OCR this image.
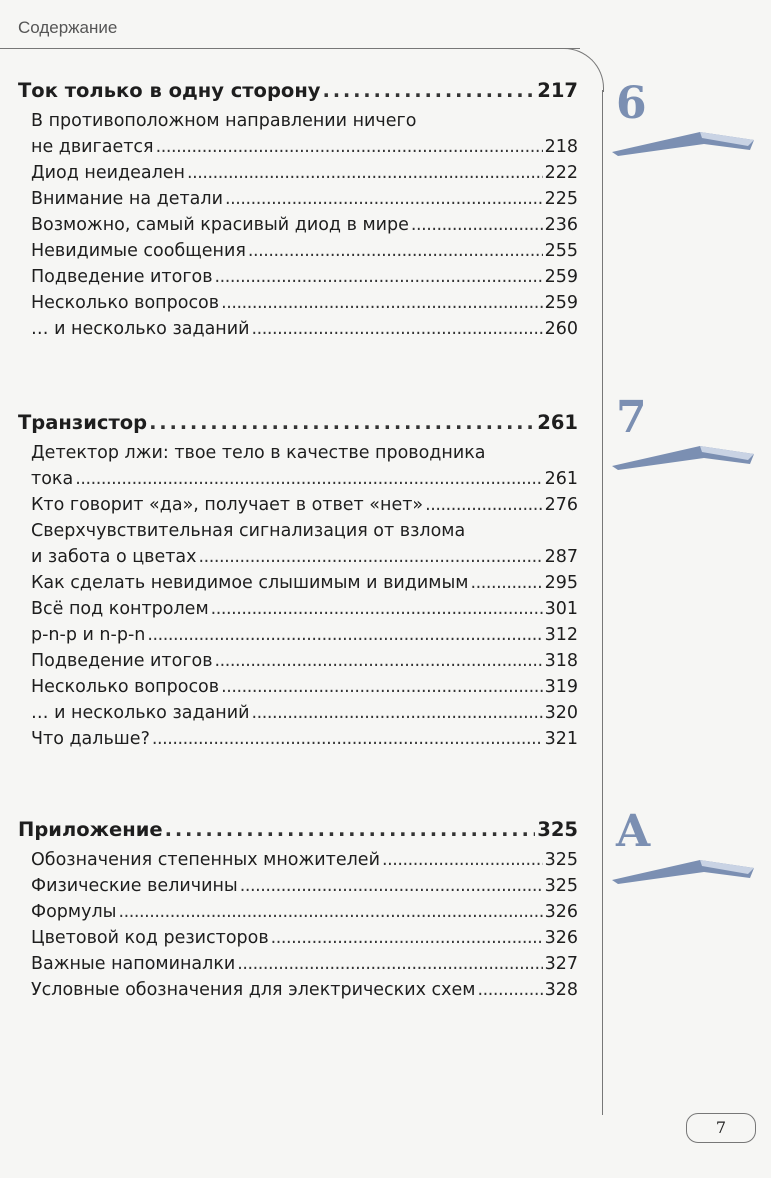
Содержание
Ток только в одну сторону . . .	217
В противоположном направлении ничего
не двигается . . .	218
Диод неидеален . . .	222
Внимание на детали . . .	225
Возможно, самый красивый диод в мире . . .	236
Невидимые сообщения . . .	255
Подведение итогов . . .	259
Несколько вопросов . . .	259
… и несколько заданий . . .	260
Транзистор . . .	261
Детектор лжи: твое тело в качестве проводника
тока . . .	261
Кто говорит «да», получает в ответ «нет» . . .	276
Сверхчувствительная сигнализация от взлома
и забота о цветах . . .	287
Как сделать невидимое слышимым и видимым . . .	295
Всё под контролем . . .	301
p-n-p и n-p-n . . .	312
Подведение итогов . . .	318
Несколько вопросов . . .	319
… и несколько заданий . . .	320
Что дальше? . . .	321
Приложение . . .	325
Обозначения степенных множителей . . .	325
Физические величины . . .	325
Формулы . . .	326
Цветовой код резисторов . . .	326
Важные напоминалки . . .	327
Условные обозначения для электрических схем . . .	328
6
7
A
7
